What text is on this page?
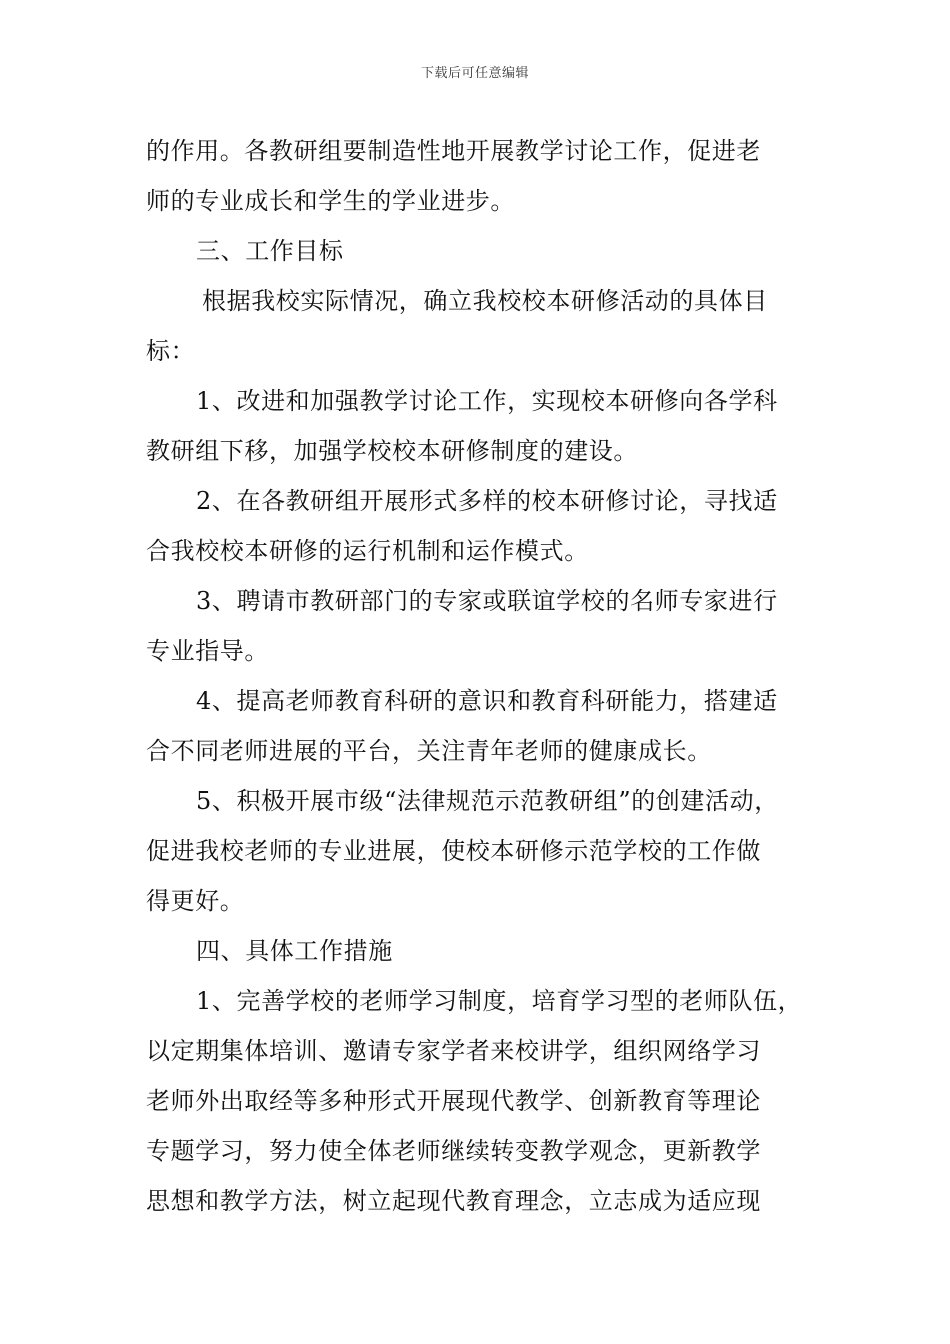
下载后可任意编辑
的作用。各教研组要制造性地开展教学讨论工作，促进老
师的专业成长和学生的学业进步。
三、工作目标
根据我校实际情况，确立我校校本研修活动的具体目
标：
1、改进和加强教学讨论工作，实现校本研修向各学科
教研组下移，加强学校校本研修制度的建设。
2、在各教研组开展形式多样的校本研修讨论，寻找适
合我校校本研修的运行机制和运作模式。
3、聘请市教研部门的专家或联谊学校的名师专家进行
专业指导。
4、提高老师教育科研的意识和教育科研能力，搭建适
合不同老师进展的平台，关注青年老师的健康成长。
5、积极开展市级“法律规范示范教研组”的创建活动，
促进我校老师的专业进展，使校本研修示范学校的工作做
得更好。
四、具体工作措施
1、完善学校的老师学习制度，培育学习型的老师队伍，
以定期集体培训、邀请专家学者来校讲学，组织网络学习
老师外出取经等多种形式开展现代教学、创新教育等理论
专题学习，努力使全体老师继续转变教学观念，更新教学
思想和教学方法，树立起现代教育理念，立志成为适应现
